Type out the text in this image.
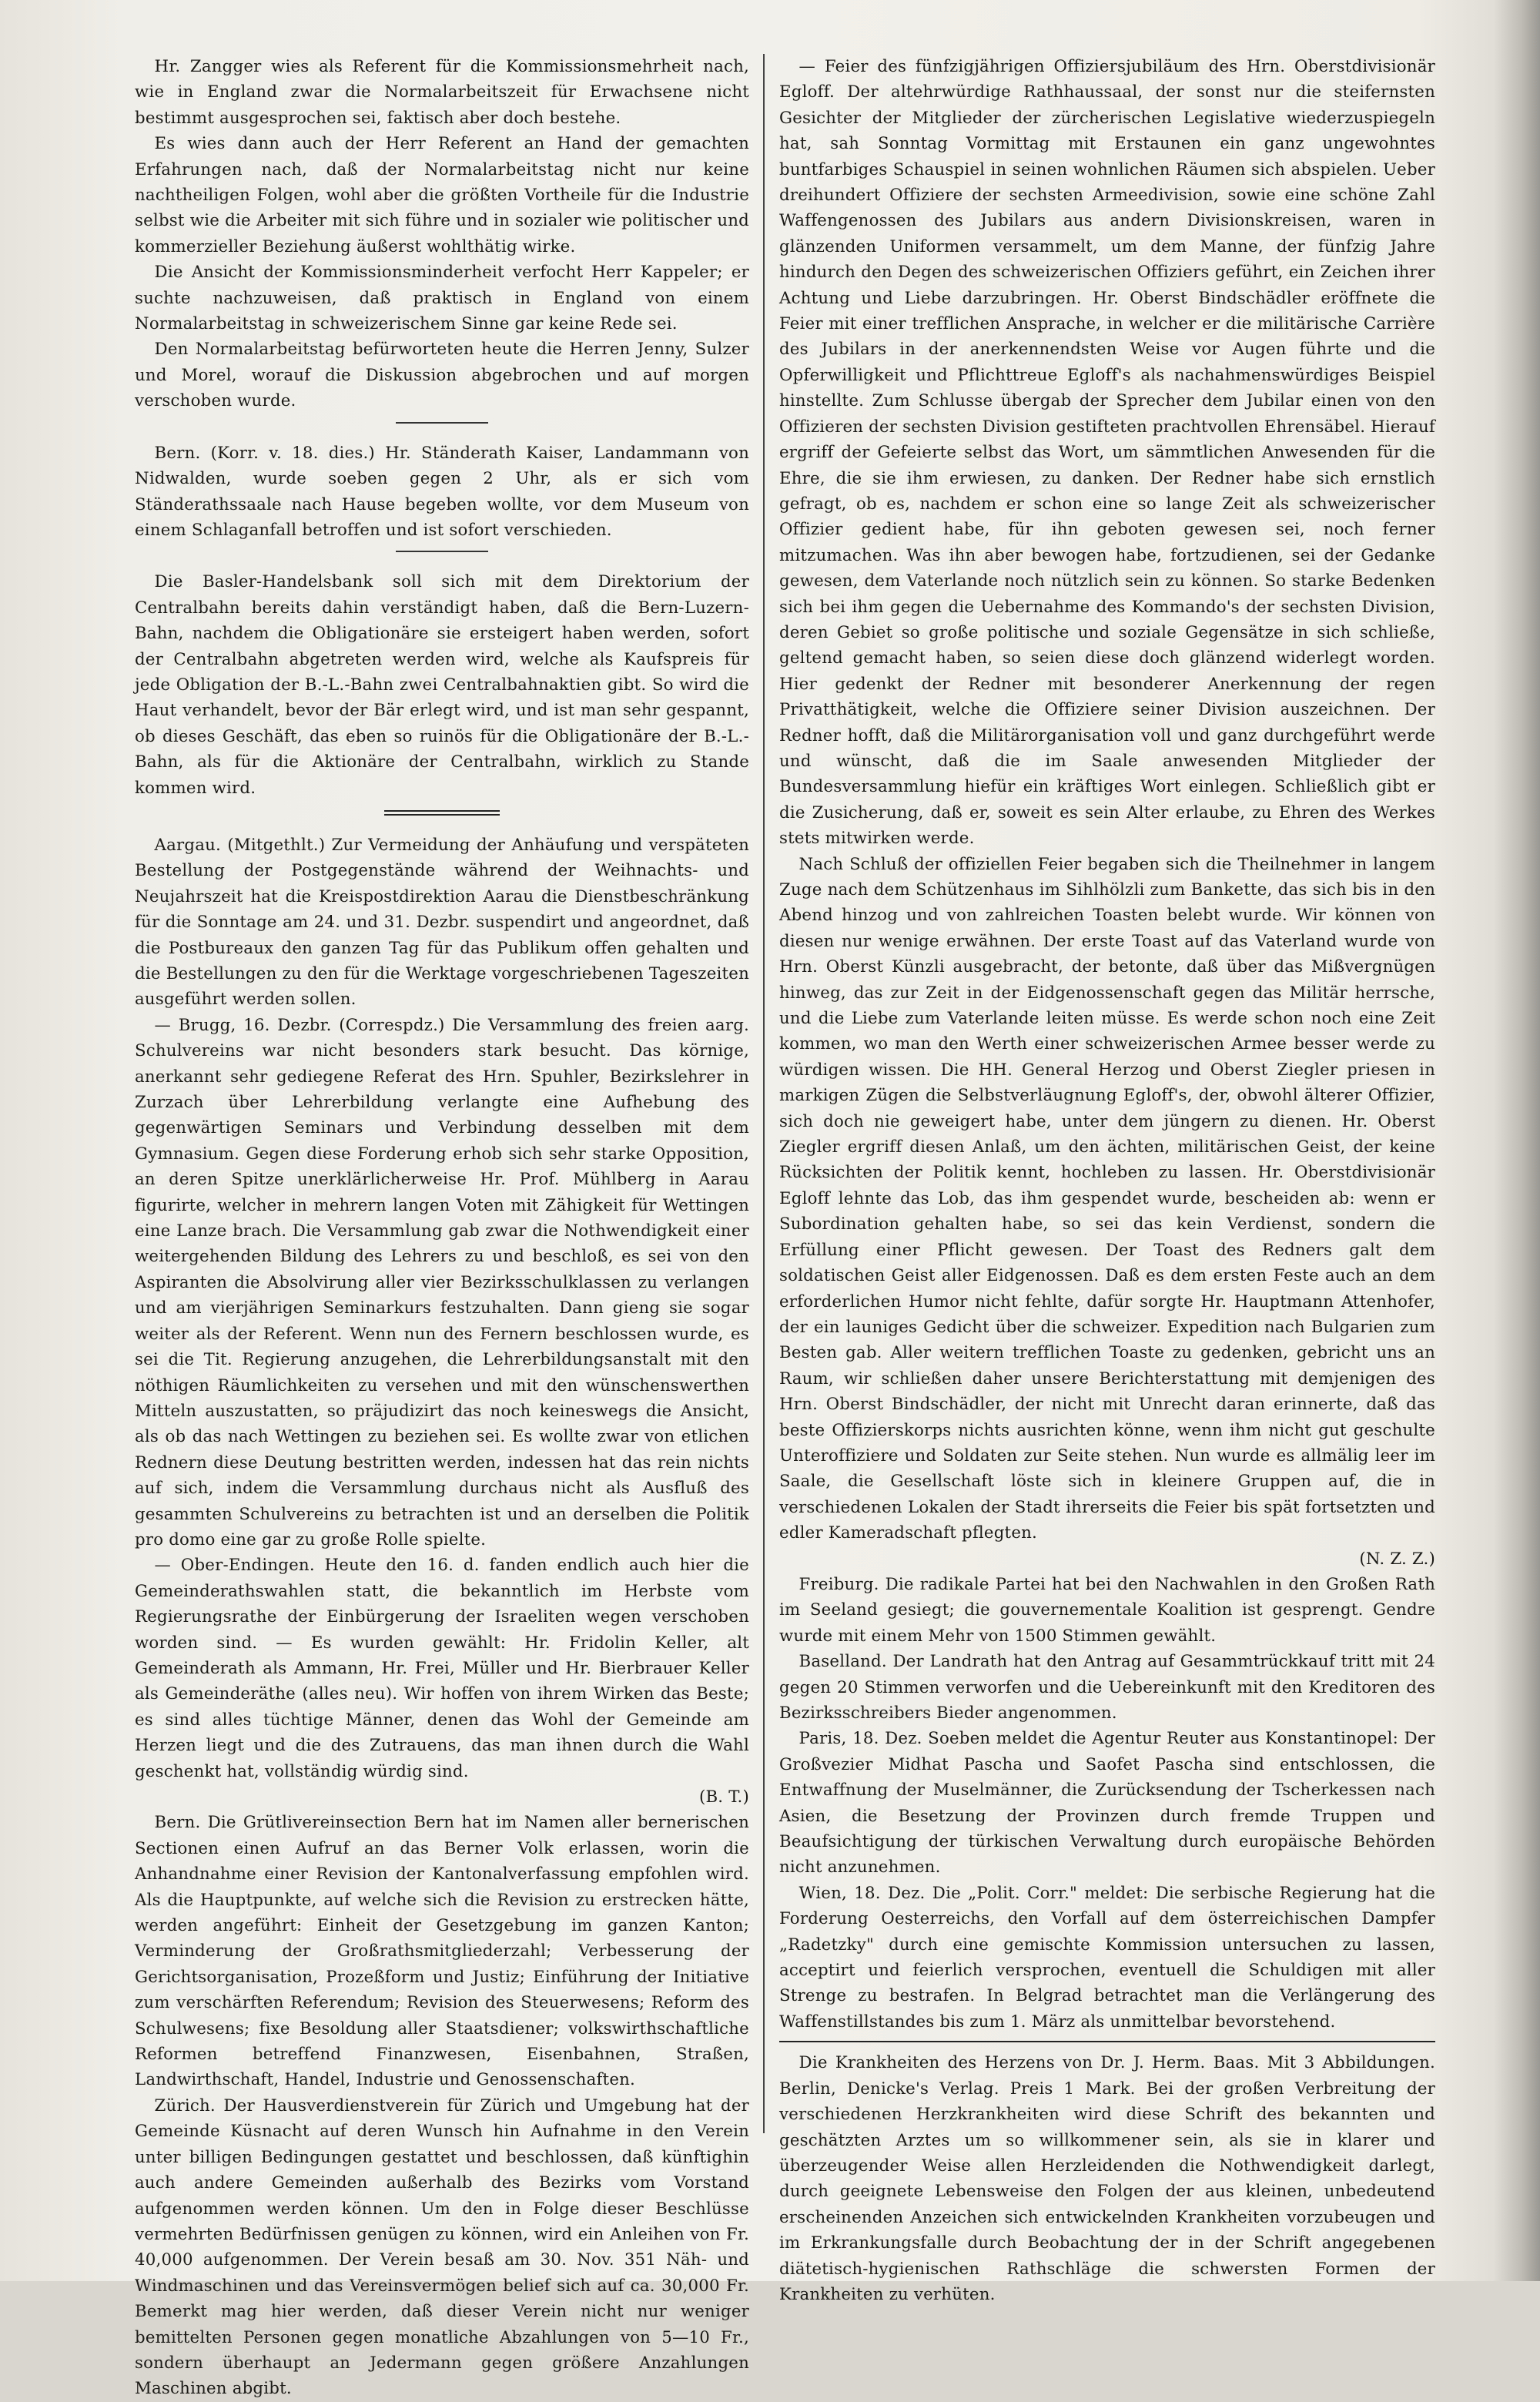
Hr. Zangger wies als Referent für die Kommissionsmehrheit nach, wie in England zwar die Normalarbeitszeit für Erwachsene nicht bestimmt ausgesprochen sei, faktisch aber doch bestehe.

Es wies dann auch der Herr Referent an Hand der gemachten Erfahrungen nach, daß der Normalarbeitstag nicht nur keine nachtheiligen Folgen, wohl aber die größten Vortheile für die Industrie selbst wie die Arbeiter mit sich führe und in sozialer wie politischer und kommerzieller Beziehung äußerst wohlthätig wirke.

Die Ansicht der Kommissionsminderheit verfocht Herr Kappeler; er suchte nachzuweisen, daß praktisch in England von einem Normalarbeitstag in schweizerischem Sinne gar keine Rede sei.

Den Normalarbeitstag befürworteten heute die Herren Jenny, Sulzer und Morel, worauf die Diskussion abgebrochen und auf morgen verschoben wurde.

Bern. (Korr. v. 18. dies.) Hr. Ständerath Kaiser, Landammann von Nidwalden, wurde soeben gegen 2 Uhr, als er sich vom Ständerathssaale nach Hause begeben wollte, vor dem Museum von einem Schlaganfall betroffen und ist sofort verschieden.

Die Basler-Handelsbank soll sich mit dem Direktorium der Centralbahn bereits dahin verständigt haben, daß die Bern-Luzern-Bahn, nachdem die Obligationäre sie ersteigert haben werden, sofort der Centralbahn abgetreten werden wird, welche als Kaufspreis für jede Obligation der B.-L.-Bahn zwei Centralbahnaktien gibt. So wird die Haut verhandelt, bevor der Bär erlegt wird, und ist man sehr gespannt, ob dieses Geschäft, das eben so ruinös für die Obligationäre der B.-L.-Bahn, als für die Aktionäre der Centralbahn, wirklich zu Stande kommen wird.

Aargau. (Mitgethlt.) Zur Vermeidung der Anhäufung und verspäteten Bestellung der Postgegenstände während der Weihnachts- und Neujahrszeit hat die Kreispostdirektion Aarau die Dienstbeschränkung für die Sonntage am 24. und 31. Dezbr. suspendirt und angeordnet, daß die Postbureaux den ganzen Tag für das Publikum offen gehalten und die Bestellungen zu den für die Werktage vorgeschriebenen Tageszeiten ausgeführt werden sollen.

— Brugg, 16. Dezbr. (Correspdz.) Die Versammlung des freien aarg. Schulvereins war nicht besonders stark besucht. Das körnige, anerkannt sehr gediegene Referat des Hrn. Spuhler, Bezirkslehrer in Zurzach über Lehrerbildung verlangte eine Aufhebung des gegenwärtigen Seminars und Verbindung desselben mit dem Gymnasium. Gegen diese Forderung erhob sich sehr starke Opposition, an deren Spitze unerklärlicherweise Hr. Prof. Mühlberg in Aarau figurirte, welcher in mehrern langen Voten mit Zähigkeit für Wettingen eine Lanze brach. Die Versammlung gab zwar die Nothwendigkeit einer weitergehenden Bildung des Lehrers zu und beschloß, es sei von den Aspiranten die Absolvirung aller vier Bezirksschulklassen zu verlangen und am vierjährigen Seminarkurs festzuhalten. Dann gieng sie sogar weiter als der Referent. Wenn nun des Fernern beschlossen wurde, es sei die Tit. Regierung anzugehen, die Lehrerbildungsanstalt mit den nöthigen Räumlichkeiten zu versehen und mit den wünschenswerthen Mitteln auszustatten, so präjudizirt das noch keineswegs die Ansicht, als ob das nach Wettingen zu beziehen sei. Es wollte zwar von etlichen Rednern diese Deutung bestritten werden, indessen hat das rein nichts auf sich, indem die Versammlung durchaus nicht als Ausfluß des gesammten Schulvereins zu betrachten ist und an derselben die Politik pro domo eine gar zu große Rolle spielte.

— Ober-Endingen. Heute den 16. d. fanden endlich auch hier die Gemeinderathswahlen statt, die bekanntlich im Herbste vom Regierungsrathe der Einbürgerung der Israeliten wegen verschoben worden sind. — Es wurden gewählt: Hr. Fridolin Keller, alt Gemeinderath als Ammann, Hr. Frei, Müller und Hr. Bierbrauer Keller als Gemeinderäthe (alles neu). Wir hoffen von ihrem Wirken das Beste; es sind alles tüchtige Männer, denen das Wohl der Gemeinde am Herzen liegt und die des Zutrauens, das man ihnen durch die Wahl geschenkt hat, vollständig würdig sind.

(B. T.)

Bern. Die Grütlivereinsection Bern hat im Namen aller bernerischen Sectionen einen Aufruf an das Berner Volk erlassen, worin die Anhandnahme einer Revision der Kantonalverfassung empfohlen wird. Als die Hauptpunkte, auf welche sich die Revision zu erstrecken hätte, werden angeführt: Einheit der Gesetzgebung im ganzen Kanton; Verminderung der Großrathsmitgliederzahl; Verbesserung der Gerichtsorganisation, Prozeßform und Justiz; Einführung der Initiative zum verschärften Referendum; Revision des Steuerwesens; Reform des Schulwesens; fixe Besoldung aller Staatsdiener; volkswirthschaftliche Reformen betreffend Finanzwesen, Eisenbahnen, Straßen, Landwirthschaft, Handel, Industrie und Genossenschaften.

Zürich. Der Hausverdienstverein für Zürich und Umgebung hat der Gemeinde Küsnacht auf deren Wunsch hin Aufnahme in den Verein unter billigen Bedingungen gestattet und beschlossen, daß künftighin auch andere Gemeinden außerhalb des Bezirks vom Vorstand aufgenommen werden können. Um den in Folge dieser Beschlüsse vermehrten Bedürfnissen genügen zu können, wird ein Anleihen von Fr. 40,000 aufgenommen. Der Verein besaß am 30. Nov. 351 Näh- und Windmaschinen und das Vereinsvermögen belief sich auf ca. 30,000 Fr. Bemerkt mag hier werden, daß dieser Verein nicht nur weniger bemittelten Personen gegen monatliche Abzahlungen von 5—10 Fr., sondern überhaupt an Jedermann gegen größere Anzahlungen Maschinen abgibt.

— Feier des fünfzigjährigen Offiziersjubiläum des Hrn. Oberstdivisionär Egloff. Der altehrwürdige Rathhaussaal, der sonst nur die steifernsten Gesichter der Mitglieder der zürcherischen Legislative wiederzuspiegeln hat, sah Sonntag Vormittag mit Erstaunen ein ganz ungewohntes buntfarbiges Schauspiel in seinen wohnlichen Räumen sich abspielen. Ueber dreihundert Offiziere der sechsten Armeedivision, sowie eine schöne Zahl Waffengenossen des Jubilars aus andern Divisionskreisen, waren in glänzenden Uniformen versammelt, um dem Manne, der fünfzig Jahre hindurch den Degen des schweizerischen Offiziers geführt, ein Zeichen ihrer Achtung und Liebe darzubringen. Hr. Oberst Bindschädler eröffnete die Feier mit einer trefflichen Ansprache, in welcher er die militärische Carrière des Jubilars in der anerkennendsten Weise vor Augen führte und die Opferwilligkeit und Pflichttreue Egloff's als nachahmenswürdiges Beispiel hinstellte. Zum Schlusse übergab der Sprecher dem Jubilar einen von den Offizieren der sechsten Division gestifteten prachtvollen Ehrensäbel. Hierauf ergriff der Gefeierte selbst das Wort, um sämmtlichen Anwesenden für die Ehre, die sie ihm erwiesen, zu danken. Der Redner habe sich ernstlich gefragt, ob es, nachdem er schon eine so lange Zeit als schweizerischer Offizier gedient habe, für ihn geboten gewesen sei, noch ferner mitzumachen. Was ihn aber bewogen habe, fortzudienen, sei der Gedanke gewesen, dem Vaterlande noch nützlich sein zu können. So starke Bedenken sich bei ihm gegen die Uebernahme des Kommando's der sechsten Division, deren Gebiet so große politische und soziale Gegensätze in sich schließe, geltend gemacht haben, so seien diese doch glänzend widerlegt worden. Hier gedenkt der Redner mit besonderer Anerkennung der regen Privatthätigkeit, welche die Offiziere seiner Division auszeichnen. Der Redner hofft, daß die Militärorganisation voll und ganz durchgeführt werde und wünscht, daß die im Saale anwesenden Mitglieder der Bundesversammlung hiefür ein kräftiges Wort einlegen. Schließlich gibt er die Zusicherung, daß er, soweit es sein Alter erlaube, zu Ehren des Werkes stets mitwirken werde.

Nach Schluß der offiziellen Feier begaben sich die Theilnehmer in langem Zuge nach dem Schützenhaus im Sihlhölzli zum Bankette, das sich bis in den Abend hinzog und von zahlreichen Toasten belebt wurde. Wir können von diesen nur wenige erwähnen. Der erste Toast auf das Vaterland wurde von Hrn. Oberst Künzli ausgebracht, der betonte, daß über das Mißvergnügen hinweg, das zur Zeit in der Eidgenossenschaft gegen das Militär herrsche, und die Liebe zum Vaterlande leiten müsse. Es werde schon noch eine Zeit kommen, wo man den Werth einer schweizerischen Armee besser werde zu würdigen wissen. Die HH. General Herzog und Oberst Ziegler priesen in markigen Zügen die Selbstverläugnung Egloff's, der, obwohl älterer Offizier, sich doch nie geweigert habe, unter dem jüngern zu dienen. Hr. Oberst Ziegler ergriff diesen Anlaß, um den ächten, militärischen Geist, der keine Rücksichten der Politik kennt, hochleben zu lassen. Hr. Oberstdivisionär Egloff lehnte das Lob, das ihm gespendet wurde, bescheiden ab: wenn er Subordination gehalten habe, so sei das kein Verdienst, sondern die Erfüllung einer Pflicht gewesen. Der Toast des Redners galt dem soldatischen Geist aller Eidgenossen. Daß es dem ersten Feste auch an dem erforderlichen Humor nicht fehlte, dafür sorgte Hr. Hauptmann Attenhofer, der ein launiges Gedicht über die schweizer. Expedition nach Bulgarien zum Besten gab. Aller weitern trefflichen Toaste zu gedenken, gebricht uns an Raum, wir schließen daher unsere Berichterstattung mit demjenigen des Hrn. Oberst Bindschädler, der nicht mit Unrecht daran erinnerte, daß das beste Offizierskorps nichts ausrichten könne, wenn ihm nicht gut geschulte Unteroffiziere und Soldaten zur Seite stehen. Nun wurde es allmälig leer im Saale, die Gesellschaft löste sich in kleinere Gruppen auf, die in verschiedenen Lokalen der Stadt ihrerseits die Feier bis spät fortsetzten und edler Kameradschaft pflegten.

(N. Z. Z.)

Freiburg. Die radikale Partei hat bei den Nachwahlen in den Großen Rath im Seeland gesiegt; die gouvernementale Koalition ist gesprengt. Gendre wurde mit einem Mehr von 1500 Stimmen gewählt.

Baselland. Der Landrath hat den Antrag auf Gesammtrückkauf tritt mit 24 gegen 20 Stimmen verworfen und die Uebereinkunft mit den Kreditoren des Bezirksschreibers Bieder angenommen.

Paris, 18. Dez. Soeben meldet die Agentur Reuter aus Konstantinopel: Der Großvezier Midhat Pascha und Saofet Pascha sind entschlossen, die Entwaffnung der Muselmänner, die Zurücksendung der Tscherkessen nach Asien, die Besetzung der Provinzen durch fremde Truppen und Beaufsichtigung der türkischen Verwaltung durch europäische Behörden nicht anzunehmen.

Wien, 18. Dez. Die „Polit. Corr." meldet: Die serbische Regierung hat die Forderung Oesterreichs, den Vorfall auf dem österreichischen Dampfer „Radetzky" durch eine gemischte Kommission untersuchen zu lassen, acceptirt und feierlich versprochen, eventuell die Schuldigen mit aller Strenge zu bestrafen. In Belgrad betrachtet man die Verlängerung des Waffenstillstandes bis zum 1. März als unmittelbar bevorstehend.

Die Krankheiten des Herzens von Dr. J. Herm. Baas. Mit 3 Abbildungen. Berlin, Denicke's Verlag. Preis 1 Mark. Bei der großen Verbreitung der verschiedenen Herzkrankheiten wird diese Schrift des bekannten und geschätzten Arztes um so willkommener sein, als sie in klarer und überzeugender Weise allen Herzleidenden die Nothwendigkeit darlegt, durch geeignete Lebensweise den Folgen der aus kleinen, unbedeutend erscheinenden Anzeichen sich entwickelnden Krankheiten vorzubeugen und im Erkrankungsfalle durch Beobachtung der in der Schrift angegebenen diätetisch-hygienischen Rathschläge die schwersten Formen der Krankheiten zu verhüten.
